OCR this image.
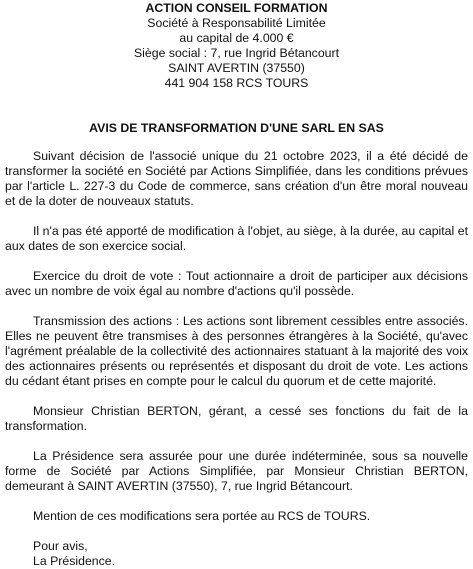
ACTION CONSEIL FORMATION
Société à Responsabilité Limitée
au capital de 4.000 €
Siège social : 7, rue Ingrid Bétancourt
SAINT AVERTIN (37550)
441 904 158 RCS TOURS
AVIS DE TRANSFORMATION D'UNE SARL EN SAS

Suivant décision de l'associé unique du 21 octobre 2023, il a été décidé de transformer la société en Société par Actions Simplifiée, dans les conditions prévues par l'article L. 227-3 du Code de commerce, sans création d'un être moral nouveau et de la doter de nouveaux statuts.

Il n'a pas été apporté de modification à l'objet, au siège, à la durée, au capital et aux dates de son exercice social.

Exercice du droit de vote : Tout actionnaire a droit de participer aux décisions avec un nombre de voix égal au nombre d'actions qu'il possède.

Transmission des actions : Les actions sont librement cessibles entre associés. Elles ne peuvent être transmises à des personnes étrangères à la Société, qu'avec l'agrément préalable de la collectivité des actionnaires statuant à la majorité des voix des actionnaires présents ou représentés et disposant du droit de vote. Les actions du cédant étant prises en compte pour le calcul du quorum et de cette majorité.

Monsieur Christian BERTON, gérant, a cessé ses fonctions du fait de la transformation.

La Présidence sera assurée pour une durée indéterminée, sous sa nouvelle forme de Société par Actions Simplifiée, par Monsieur Christian BERTON, demeurant à SAINT AVERTIN (37550), 7, rue Ingrid Bétancourt.

Mention de ces modifications sera portée au RCS de TOURS.

Pour avis,

La Présidence.
